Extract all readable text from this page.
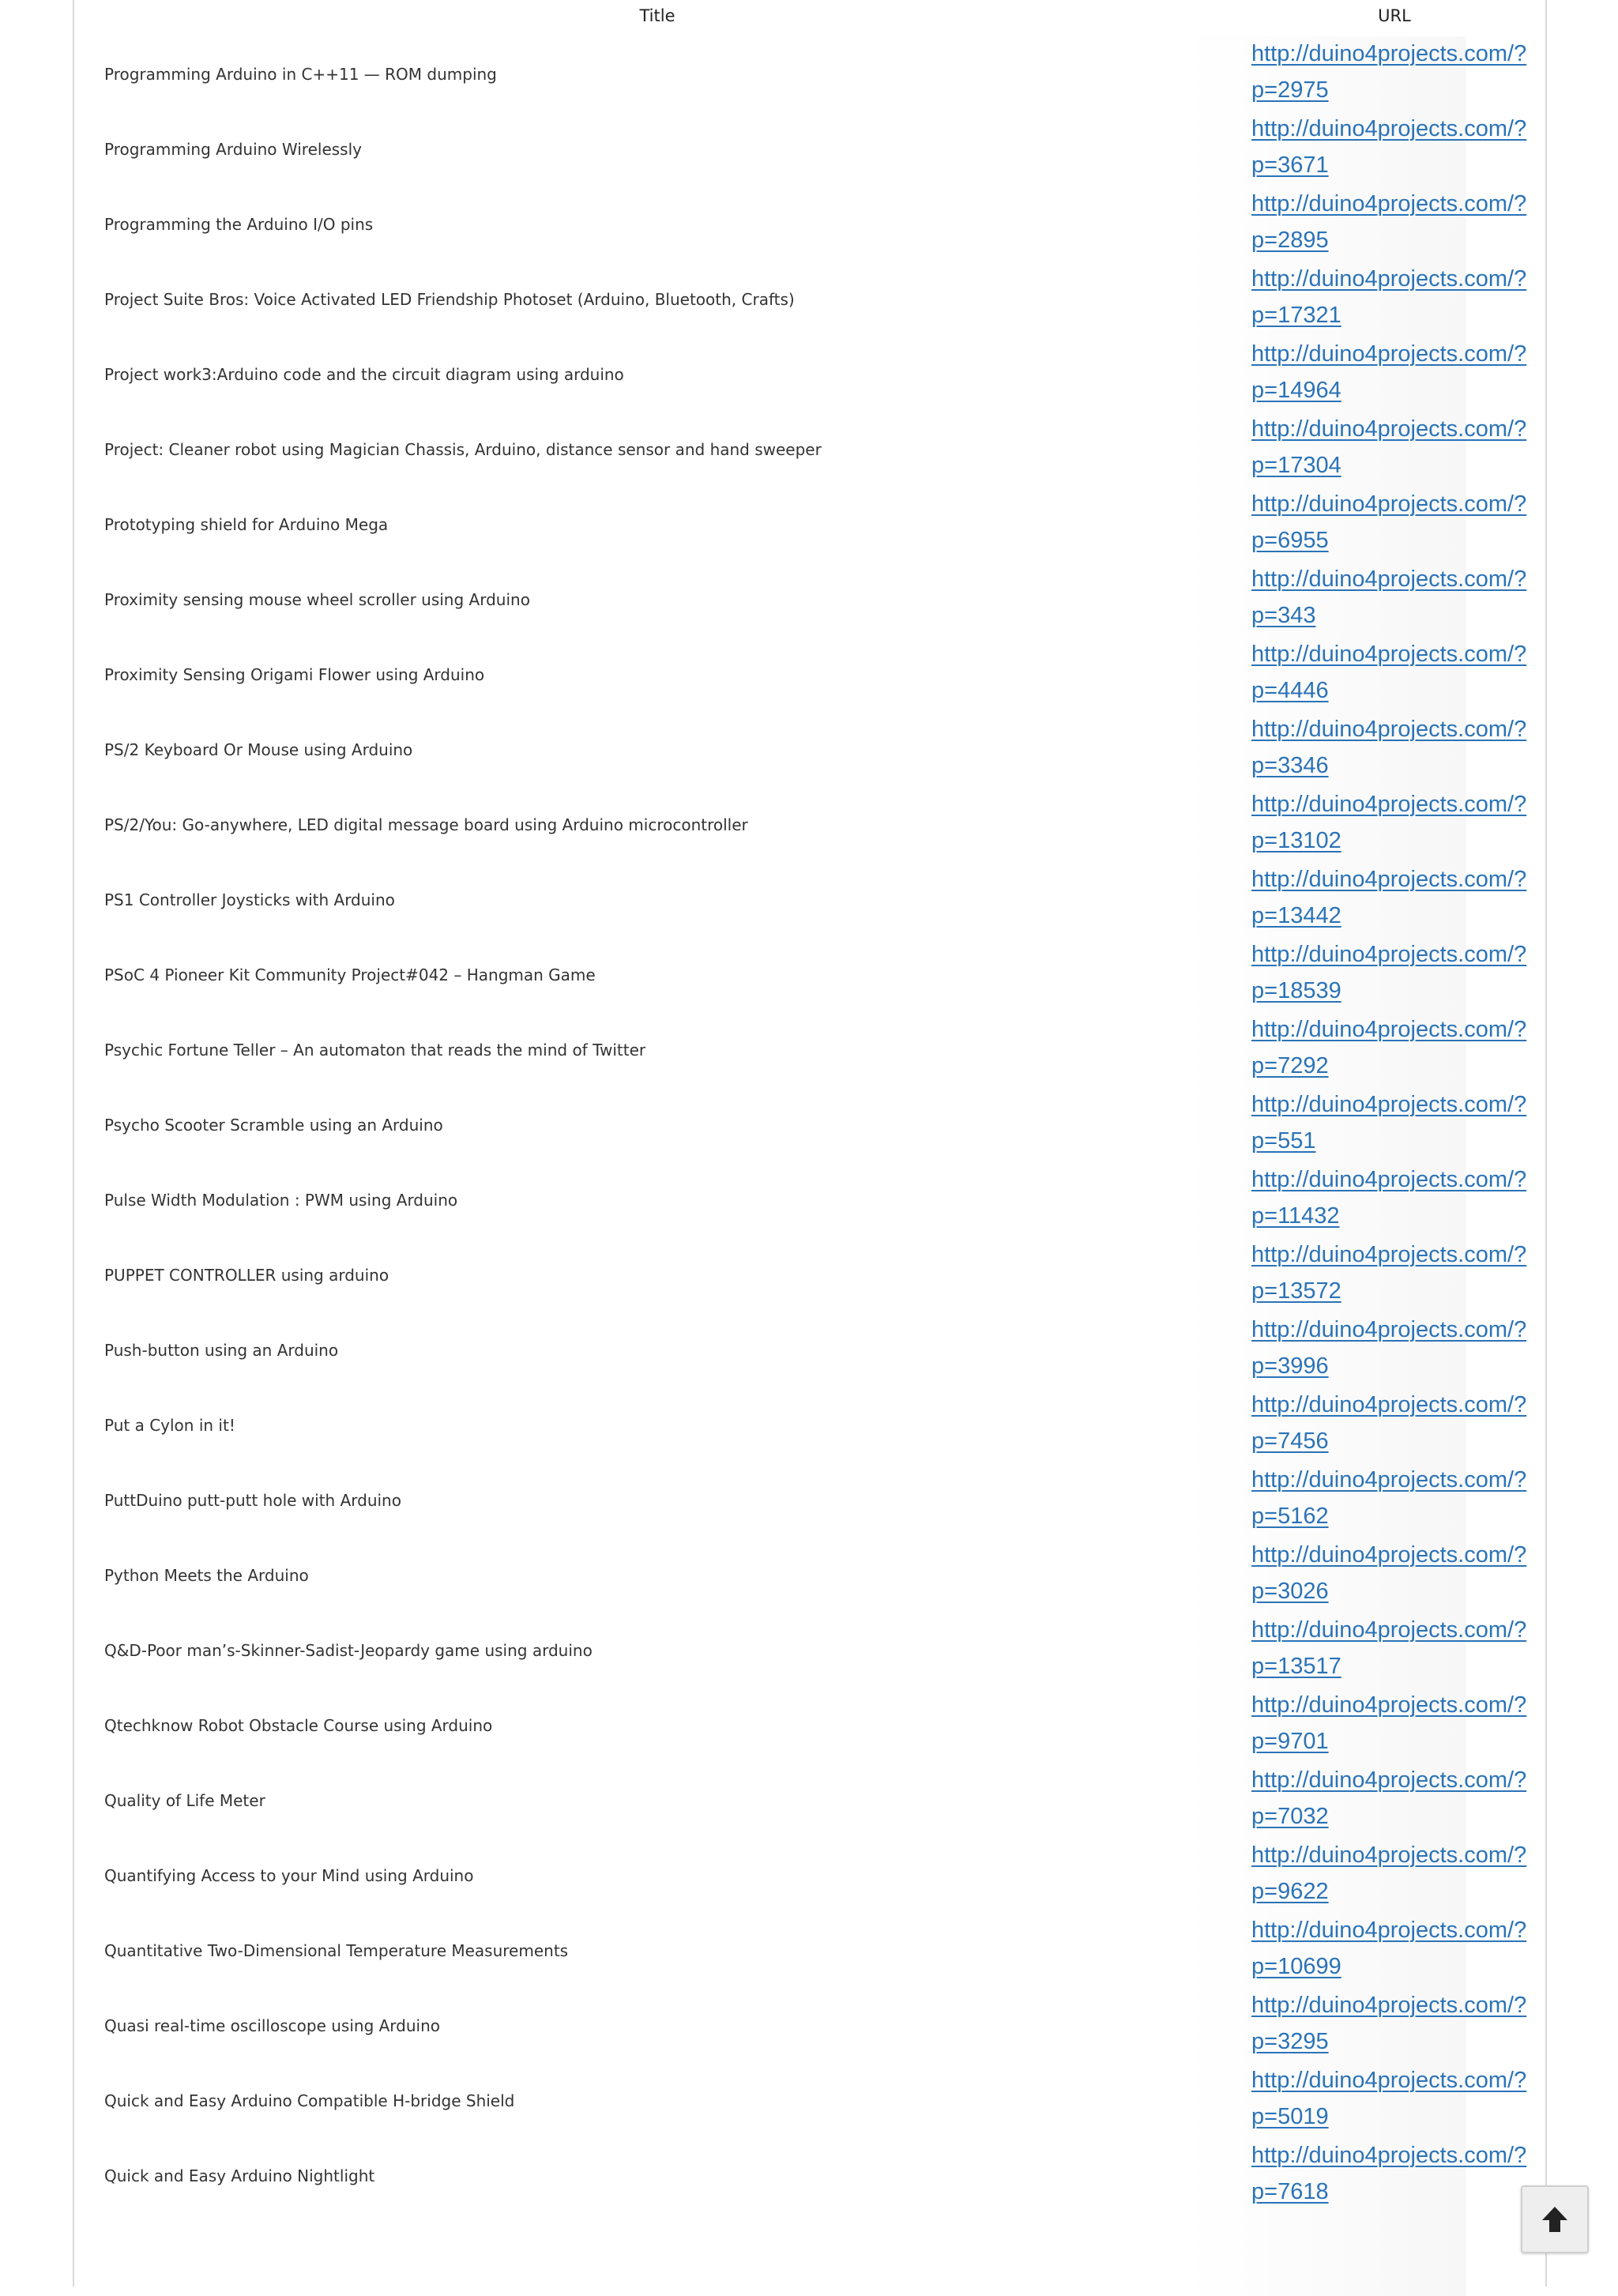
Title	URL
Programming Arduino in C++11 — ROM dumping	http://duino4projects.com/?
p=2975

Programming Arduino Wirelessly	http://duino4projects.com/?
p=3671

Programming the Arduino I/O pins	http://duino4projects.com/?
p=2895

Project Suite Bros: Voice Activated LED Friendship Photoset (Arduino, Bluetooth, Crafts)	http://duino4projects.com/?
p=17321

Project work3:Arduino code and the circuit diagram using arduino	http://duino4projects.com/?
p=14964

Project: Cleaner robot using Magician Chassis, Arduino, distance sensor and hand sweeper	http://duino4projects.com/?
p=17304

Prototyping shield for Arduino Mega	http://duino4projects.com/?
p=6955

Proximity sensing mouse wheel scroller using Arduino	http://duino4projects.com/?
p=343

Proximity Sensing Origami Flower using Arduino	http://duino4projects.com/?
p=4446

PS/2 Keyboard Or Mouse using Arduino	http://duino4projects.com/?
p=3346

PS/2/You: Go-anywhere, LED digital message board using Arduino microcontroller	http://duino4projects.com/?
p=13102

PS1 Controller Joysticks with Arduino	http://duino4projects.com/?
p=13442

PSoC 4 Pioneer Kit Community Project#042 – Hangman Game	http://duino4projects.com/?
p=18539

Psychic Fortune Teller – An automaton that reads the mind of Twitter	http://duino4projects.com/?
p=7292

Psycho Scooter Scramble using an Arduino	http://duino4projects.com/?
p=551

Pulse Width Modulation : PWM using Arduino	http://duino4projects.com/?
p=11432

PUPPET CONTROLLER using arduino	http://duino4projects.com/?
p=13572

Push-button using an Arduino	http://duino4projects.com/?
p=3996

Put a Cylon in it!	http://duino4projects.com/?
p=7456

PuttDuino putt-putt hole with Arduino	http://duino4projects.com/?
p=5162

Python Meets the Arduino	http://duino4projects.com/?
p=3026

Q&D-Poor man’s-Skinner-Sadist-Jeopardy game using arduino	http://duino4projects.com/?
p=13517

Qtechknow Robot Obstacle Course using Arduino	http://duino4projects.com/?
p=9701

Quality of Life Meter	http://duino4projects.com/?
p=7032

Quantifying Access to your Mind using Arduino	http://duino4projects.com/?
p=9622

Quantitative Two-Dimensional Temperature Measurements	http://duino4projects.com/?
p=10699

Quasi real-time oscilloscope using Arduino	http://duino4projects.com/?
p=3295

Quick and Easy Arduino Compatible H-bridge Shield	http://duino4projects.com/?
p=5019

Quick and Easy Arduino Nightlight	http://duino4projects.com/?
p=7618
